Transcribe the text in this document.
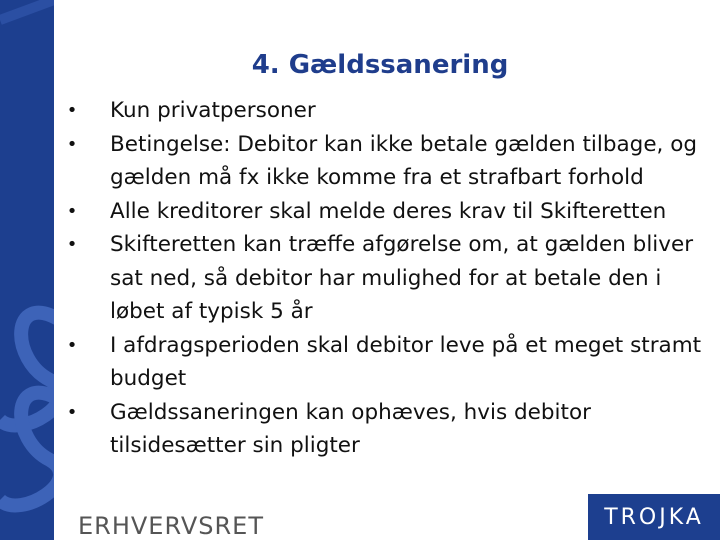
4. Gældssanering
• Kun privatpersoner
• Betingelse: Debitor kan ikke betale gælden tilbage, og gælden må fx ikke komme fra et strafbart forhold
• Alle kreditorer skal melde deres krav til Skifteretten
• Skifteretten kan træffe afgørelse om, at gælden bliver sat ned, så debitor har mulighed for at betale den i løbet af typisk 5 år
• I afdragsperioden skal debitor leve på et meget stramt budget
• Gældssaneringen kan ophæves, hvis debitor tilsidesætter sin pligter
ERHVERVSRET	TROJKA
